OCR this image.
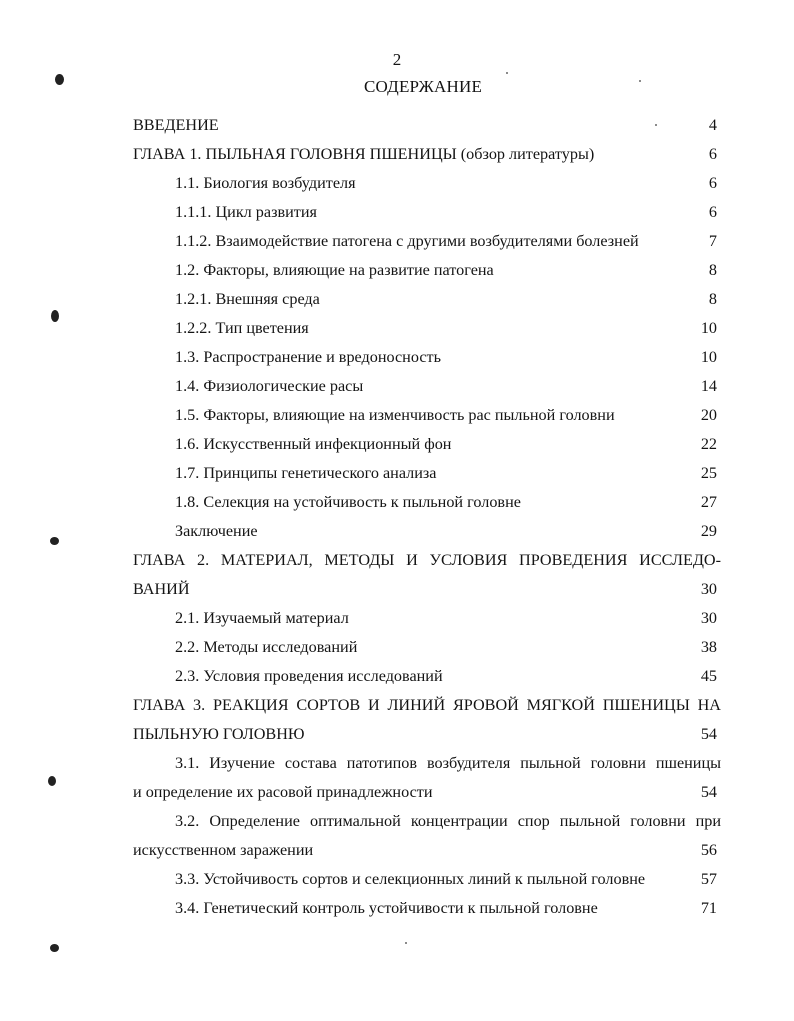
2
СОДЕРЖАНИЕ
ВВЕДЕНИЕ	4
ГЛАВА 1. ПЫЛЬНАЯ ГОЛОВНЯ ПШЕНИЦЫ (обзор литературы)	6
1.1. Биология возбудителя	6
1.1.1. Цикл развития	6
1.1.2. Взаимодействие патогена с другими возбудителями болезней	7
1.2. Факторы, влияющие на развитие патогена	8
1.2.1. Внешняя среда	8
1.2.2. Тип цветения	10
1.3. Распространение и вредоносность	10
1.4. Физиологические расы	14
1.5. Факторы, влияющие на изменчивость рас пыльной головни	20
1.6. Искусственный инфекционный фон	22
1.7. Принципы генетического анализа	25
1.8. Селекция на устойчивость к пыльной головне	27
Заключение	29
ГЛАВА 2. МАТЕРИАЛ, МЕТОДЫ И УСЛОВИЯ ПРОВЕДЕНИЯ ИССЛЕДО-
ВАНИЙ	30
2.1. Изучаемый материал	30
2.2. Методы исследований	38
2.3. Условия проведения исследований	45
ГЛАВА 3. РЕАКЦИЯ СОРТОВ И ЛИНИЙ ЯРОВОЙ МЯГКОЙ ПШЕНИЦЫ НА
ПЫЛЬНУЮ ГОЛОВНЮ	54
3.1. Изучение состава патотипов возбудителя пыльной головни пшеницы
и определение их расовой принадлежности	54
3.2. Определение оптимальной концентрации спор пыльной головни при
искусственном заражении	56
3.3. Устойчивость сортов и селекционных линий к пыльной головне	57
3.4. Генетический контроль устойчивости к пыльной головне	71
